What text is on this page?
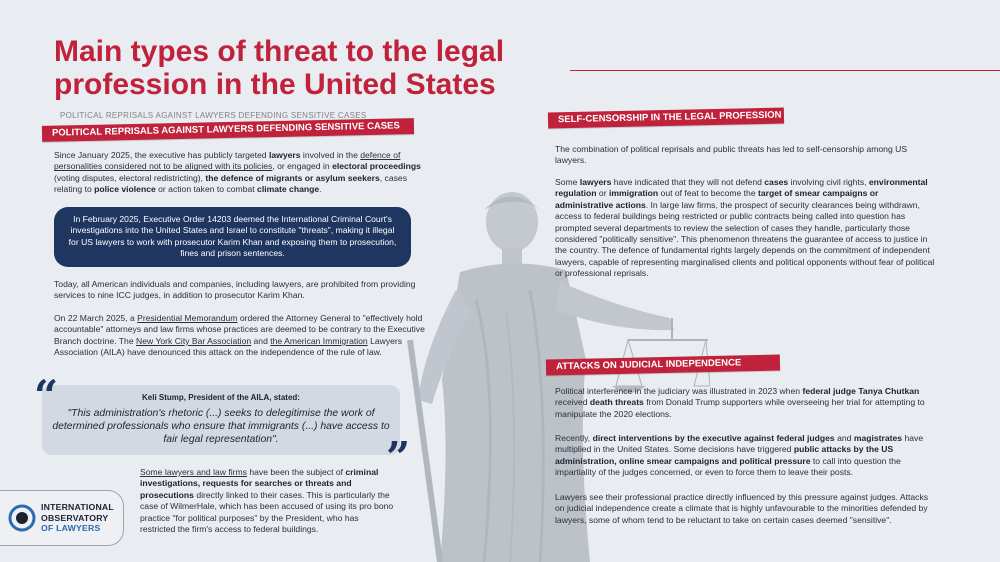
Main types of threat to the legal
profession in the United States
POLITICAL REPRISALS AGAINST LAWYERS DEFENDING SENSITIVE CASES
POLITICAL REPRISALS AGAINST LAWYERS DEFENDING SENSITIVE CASES
Since January 2025, the executive has publicly targeted lawyers involved in the defence of personalities considered not to be aligned with its policies, or engaged in electoral proceedings (voting disputes, electoral redistricting), the defence of migrants or asylum seekers, cases relating to police violence or action taken to combat climate change.
In February 2025, Executive Order 14203 deemed the International Criminal Court's investigations into the United States and Israel to constitute "threats", making it illegal for US lawyers to work with prosecutor Karim Khan and exposing them to prosecution, fines and prison sentences.
Today, all American individuals and companies, including lawyers, are prohibited from providing services to nine ICC judges, in addition to prosecutor Karim Khan.
On 22 March 2025, a Presidential Memorandum ordered the Attorney General to "effectively hold accountable" attorneys and law firms whose practices are deemed to be contrary to the Executive Branch doctrine. The New York City Bar Association and the American Immigration Lawyers Association (AILA) have denounced this attack on the independence of the rule of law.
Keli Stump, President of the AILA, stated:
"This administration's rhetoric (...) seeks to delegitimise the work of determined professionals who ensure that immigrants (...) have access to fair legal representation".
“
”
Some lawyers and law firms have been the subject of criminal investigations, requests for searches or threats and prosecutions directly linked to their cases. This is particularly the case of WilmerHale, which has been accused of using its pro bono practice "for political purposes" by the President, who has restricted the firm's access to federal buildings.
INTERNATIONAL
OBSERVATORY
OF LAWYERS
SELF-CENSORSHIP IN THE LEGAL PROFESSION
The combination of political reprisals and public threats has led to self-censorship among US lawyers.
Some lawyers have indicated that they will not defend cases involving civil rights, environmental regulation or immigration out of feat to become the target of smear campaigns or administrative actions. In large law firms, the prospect of security clearances being withdrawn, access to federal buildings being restricted or public contracts being called into question has prompted several departments to review the selection of cases they handle, particularly those considered "politically sensitive". This phenomenon threatens the guarantee of access to justice in the country. The defence of fundamental rights largely depends on the commitment of independent lawyers, capable of representing marginalised clients and political opponents without fear of political or professional reprisals.
ATTACKS ON JUDICIAL INDEPENDENCE
Political interference in the judiciary was illustrated in 2023 when federal judge Tanya Chutkan received death threats from Donald Trump supporters while overseeing her trial for attempting to manipulate the 2020 elections.
Recently, direct interventions by the executive against federal judges and magistrates have multiplied in the United States. Some decisions have triggered public attacks by the US administration, online smear campaigns and political pressure to call into question the impartiality of the judges concerned, or even to force them to leave their posts.
Lawyers see their professional practice directly influenced by this pressure against judges. Attacks on judicial independence create a climate that is highly unfavourable to the minorities defended by lawyers, some of whom tend to be reluctant to take on certain cases deemed "sensitive".
